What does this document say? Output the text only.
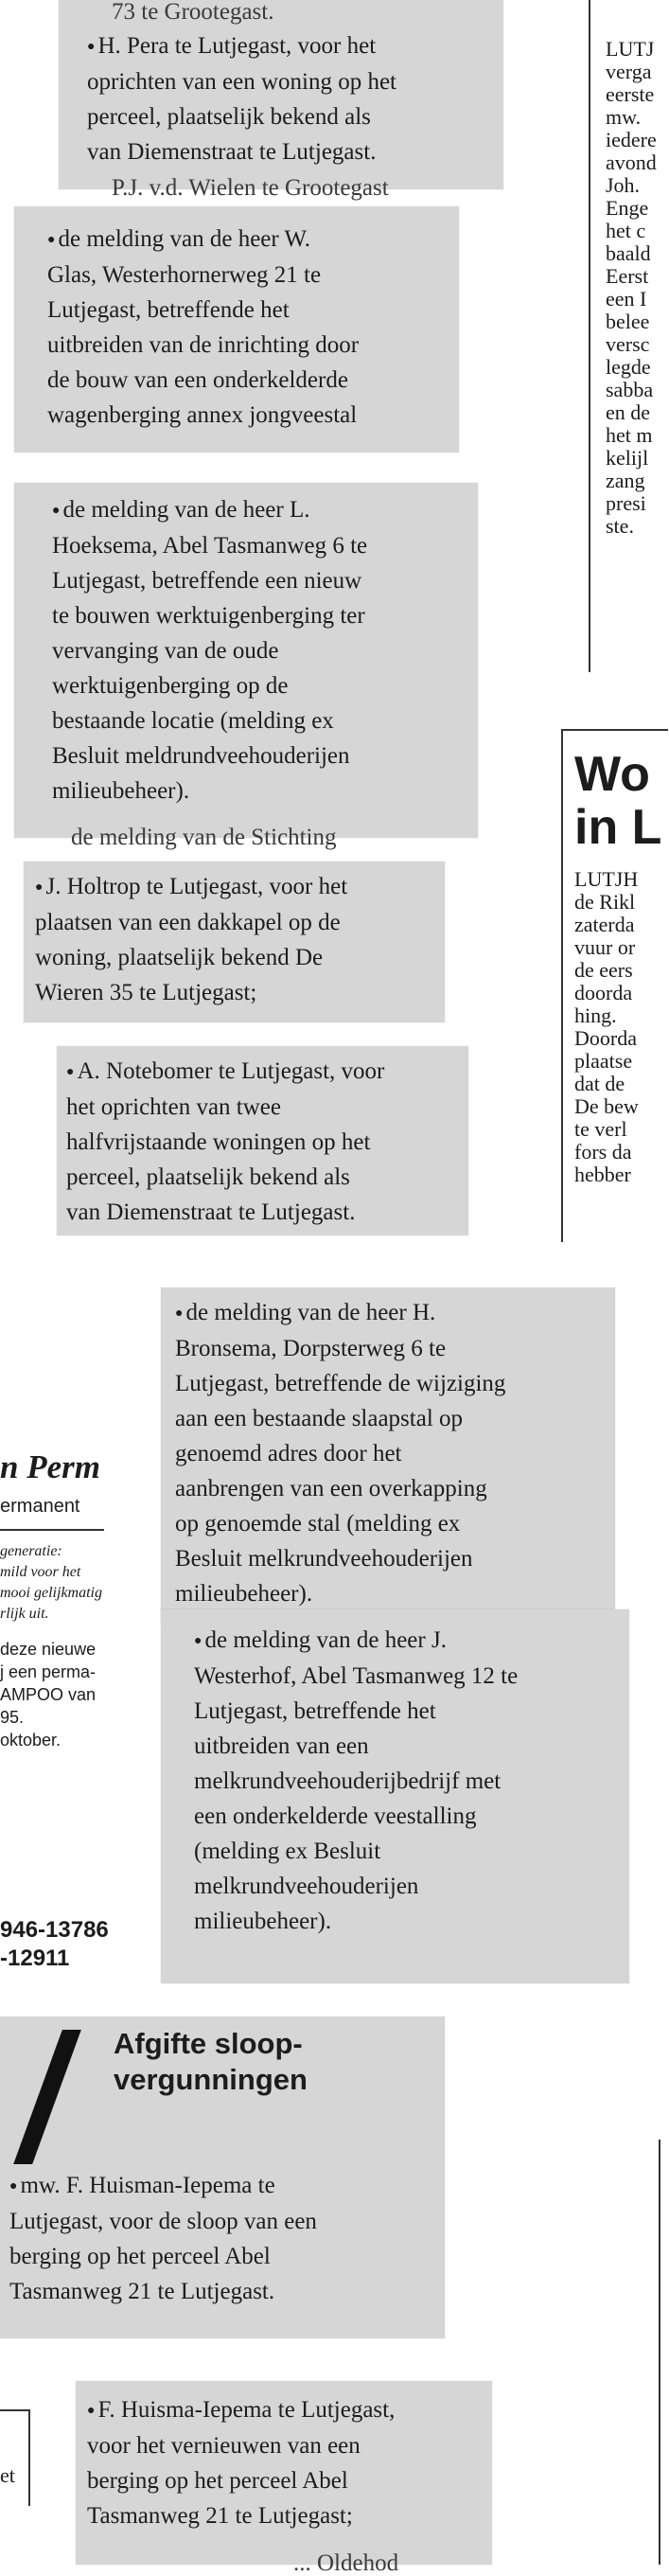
73 te Grootegast.
● H. Pera te Lutjegast, voor het
oprichten van een woning op het
perceel, plaatselijk bekend als
van Diemenstraat te Lutjegast.
P.J. v.d. Wielen te Grootegast
● de melding van de heer W.
Glas, Westerhornerweg 21 te
Lutjegast, betreffende het
uitbreiden van de inrichting door
de bouw van een onderkelderde
wagenberging annex jongveestal
● de melding van de heer L.
Hoeksema, Abel Tasmanweg 6 te
Lutjegast, betreffende een nieuw
te bouwen werktuigenberging ter
vervanging van de oude
werktuigenberging op de
bestaande locatie (melding ex
Besluit meldrundveehouderijen
milieubeheer).
de melding van de Stichting
● J. Holtrop te Lutjegast, voor het
plaatsen van een dakkapel op de
woning, plaatselijk bekend De
Wieren 35 te Lutjegast;
● A. Notebomer te Lutjegast, voor
het oprichten van twee
halfvrijstaande woningen op het
perceel, plaatselijk bekend als
van Diemenstraat te Lutjegast.
● de melding van de heer H.
Bronsema, Dorpsterweg 6 te
Lutjegast, betreffende de wijziging
aan een bestaande slaapstal op
genoemd adres door het
aanbrengen van een overkapping
op genoemde stal (melding ex
Besluit melkrundveehouderijen
milieubeheer).
● de melding van de heer J.
Westerhof, Abel Tasmanweg 12 te
Lutjegast, betreffende het
uitbreiden van een
melkrundveehouderijbedrijf met
een onderkelderde veestalling
(melding ex Besluit
melkrundveehouderijen
milieubeheer).
Afgifte sloop-
vergunningen
● mw. F. Huisman-Iepema te
Lutjegast, voor de sloop van een
berging op het perceel Abel
Tasmanweg 21 te Lutjegast.
● F. Huisma-Iepema te Lutjegast,
voor het vernieuwen van een
berging op het perceel Abel
Tasmanweg 21 te Lutjegast;
... Oldehod
LUTJ
verga
eerste
mw.
iedere
avond
Joh.
Enge
het c
baald
Eerst
een I
belee
versc
legde
sabba
en de
het m
kelijl
zang
presi
ste.
Wo
in L
LUTJH
de Rikl
zaterda
vuur or
de eers
doorda
hing.
Doorda
plaatse
dat de
De bew
te verl
fors da
hebber
n Perm
ermanent
generatie:
mild voor het
mooi gelijkmatig
rlijk uit.
deze nieuwe
j een perma-
AMPOO van
95.
oktober.
946-13786
-12911
et
